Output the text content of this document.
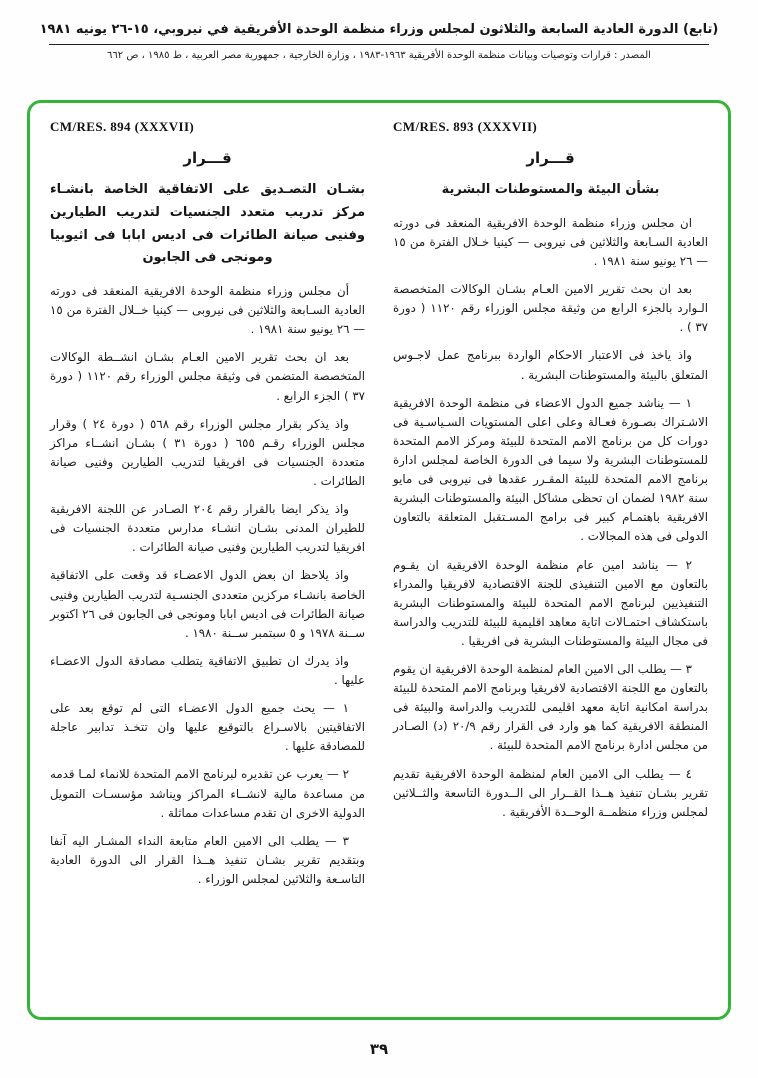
(تابع) الدورة العادية السابعة والثلاثون لمجلس وزراء منظمة الوحدة الأفريقية في نيروبي، ١٥-٢٦ يونيه ١٩٨١
المصدر : قرارات وتوصيات وبيانات منظمة الوحدة الأفريقية ١٩٦٣-١٩٨٣ ، وزارة الخارجية ، جمهورية مصر العربية ، ط ١٩٨٥ ، ص ٦٦٢
CM/RES. 893 (XXXVII)
قـــرار
بشأن البيئة والمستوطنات البشرية

ان مجلس وزراء منظمة الوحدة الافريقية المنعقد فى دورته العادية السـابعة والثلاثين فى نيروبى — كينيا خـلال الفترة من ١٥ — ٢٦ يونيو سنة ١٩٨١ .

بعد ان بحث تقرير الامين العـام بشـان الوكالات المتخصصة الـوارد بالجزء الرابع من وثيقة مجلس الوزراء رقم ١١٢٠ ( دورة ٣٧ ) .

واذ ياخذ فى الاعتبار الاحكام الواردة ببرنامج عمل لاجـوس المتعلق بالبيئة والمستوطنات البشرية .

١ — يناشد جميع الدول الاعضاء فى منظمة الوحدة الافريقية الاشـتراك بصـورة فعـالة وعلى اعلى المستويات السـياسـية فى دورات كل من برنامج الامم المتحدة للبيئة ومركز الامم المتحدة للمستوطنات البشرية ولا سيما فى الدورة الخاصة لمجلس ادارة برنامج الامم المتحدة للبيئة المقـرر عقدها فى نيروبى فى مايو سنة ١٩٨٢ لضمان ان تحظى مشاكل البيئة والمستوطنات البشرية الافريقية باهتمـام كبير فى برامج المسـتقبل المتعلقة بالتعاون الدولى فى هذه المجالات .

٢ — يناشد امين عام منظمة الوحدة الافريقية ان يقـوم بالتعاون مع الامين التنفيذى للجنة الاقتصادية لافريقيا والمدراء التنفيذيين لبرنامج الامم المتحدة للبيئة والمستوطنات البشرية باستكشاف احتمـالات اتاية معاهد اقليمية للبيئة للتدريب والدراسة فى مجال البيئة والمستوطنات البشرية فى افريقيا .

٣ — يطلب الى الامين العام لمنظمة الوحدة الافريقية ان يقوم بالتعاون مع اللجنة الاقتصادية لافريقيا وبرنامج الامم المتحدة للبيئة بدراسة امكانية اتاية معهد اقليمى للتدريب والدراسة والبيئة فى المنطقة الافريقية كما هو وارد فى القرار رقم ٢٠/٩ (د) الصـادر من مجلس ادارة برنامج الامم المتحدة للبيئة .

٤ — يطلب الى الامين العام لمنظمة الوحدة الافريقية تقديم تقرير بشـان تنفيذ هــذا القــرار الى الــدورة التاسعة والثــلاثين لمجلس وزراء منظمــة الوحــدة الأفريقية .

CM/RES. 894 (XXXVII)
قـــرار
بشـان التصـديق على الاتفاقية الخاصة بانشـاء مركز تدريب متعدد الجنسيات لتدريب الطيارين وفنيى صيانة الطائرات فى اديس ابابا فى اثيوبيا ومونجى فى الجابون

أن مجلس وزراء منظمة الوحدة الافريقية المنعقد فى دورته العادية السـابعة والثلاثين فى نيروبى — كينيا خــلال الفترة من ١٥ — ٢٦ يونيو سنة ١٩٨١ .

بعد ان بحث تقرير الامين العـام بشـان انشــطة الوكالات المتخصصة المتضمن فى وثيقة مجلس الوزراء رقم ١١٢٠ ( دورة ٣٧ ) الجزء الرابع .

واذ يذكر بقرار مجلس الوزراء رقم ٥٦٨ ( دورة ٢٤ ) وقرار مجلس الوزراء رقـم ٦٥٥ ( دورة ٣١ ) بشـان انشــاء مراكز متعددة الجنسيات فى افريقيا لتدريب الطيارين وفنيى صيانة الطائرات .

واذ يذكر ايضا بالقرار رقم ٢٠٤ الصـادر عن اللجنة الافريقية للطيران المدنى بشـان انشـاء مدارس متعددة الجنسيات فى افريقيا لتدريب الطيارين وفنيى صيانة الطائرات .

واذ يلاحظ ان بعض الدول الاعضـاء قد وقعت على الاتفاقية الخاصة بانشـاء مركزين متعددى الجنسـية لتدريب الطيارين وفنيى صيانة الطائرات فى اديس ابابا ومونجى فى الجابون فى ٢٦ اكتوبر ســنة ١٩٧٨ و ٥ سبتمبر ســنة ١٩٨٠ .

واذ يدرك ان تطبيق الاتفاقية يتطلب مصادقة الدول الاعضـاء عليها .

١ — يحث جميع الدول الاعضـاء التى لم توقع بعد على الاتفاقيتين بالاسـراع بالتوقيع عليها وان تتخـذ تدابير عاجلة للمصادقة عليها .

٢ — يعرب عن تقديره لبرنامج الامم المتحدة للانماء لمـا قدمه من مساعدة مالية لانشــاء المراكز ويناشد مؤسسـات التمويل الدولية الاخرى ان تقدم مساعدات مماثلة .

٣ — يطلب الى الامين العام متابعة النداء المشـار اليه آنفا وبتقديم تقرير بشـان تنفيذ هــذا القرار الى الدورة العادية التاسـعة والثلاثين لمجلس الوزراء .

٣٩
